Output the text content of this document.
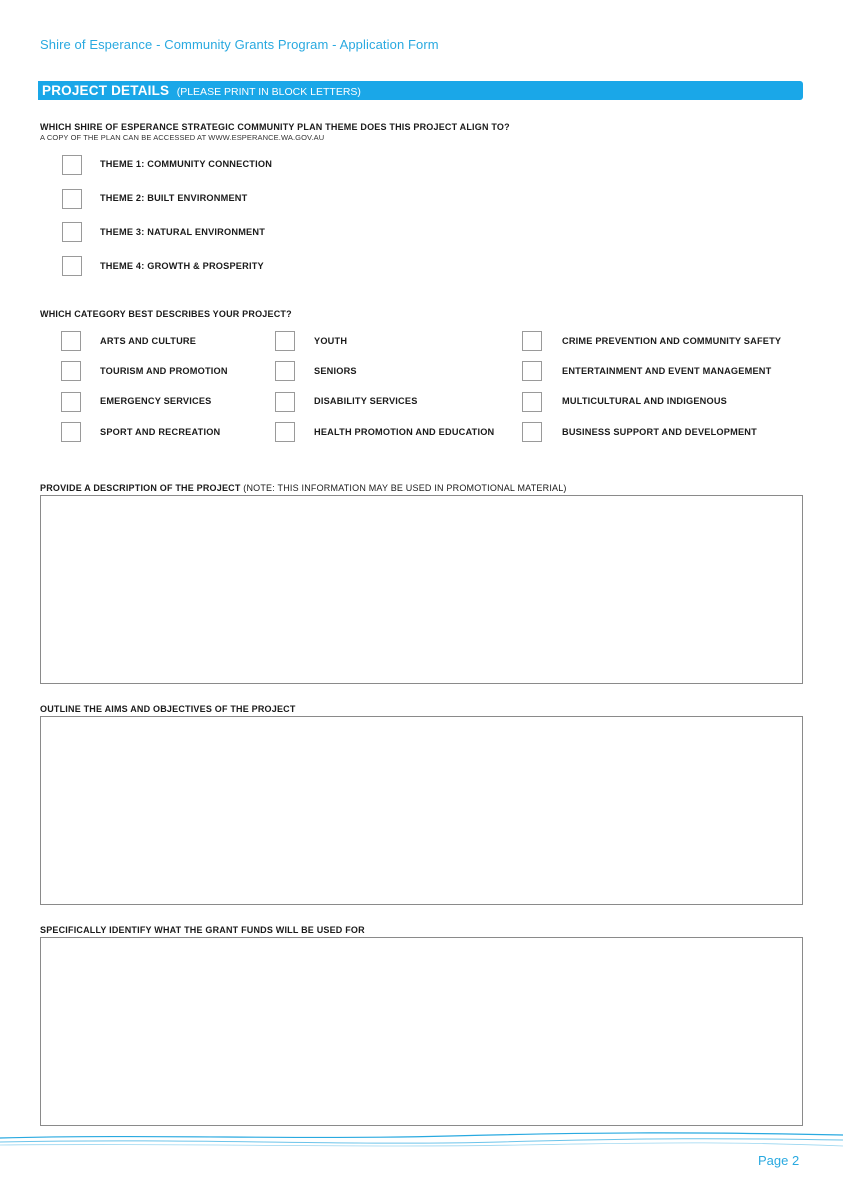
Shire of Esperance - Community Grants Program - Application Form
PROJECT DETAILS (PLEASE PRINT IN BLOCK LETTERS)
WHICH SHIRE OF ESPERANCE STRATEGIC COMMUNITY PLAN THEME DOES THIS PROJECT ALIGN TO?
A COPY OF THE PLAN CAN BE ACCESSED AT WWW.ESPERANCE.WA.GOV.AU
THEME 1: COMMUNITY CONNECTION
THEME 2: BUILT ENVIRONMENT
THEME 3: NATURAL ENVIRONMENT
THEME 4: GROWTH & PROSPERITY
WHICH CATEGORY BEST DESCRIBES YOUR PROJECT?
ARTS AND CULTURE
TOURISM AND PROMOTION
EMERGENCY SERVICES
SPORT AND RECREATION
YOUTH
SENIORS
DISABILITY SERVICES
HEALTH PROMOTION AND EDUCATION
CRIME PREVENTION AND COMMUNITY SAFETY
ENTERTAINMENT AND EVENT MANAGEMENT
MULTICULTURAL AND INDIGENOUS
BUSINESS SUPPORT AND DEVELOPMENT
PROVIDE A DESCRIPTION OF THE PROJECT (NOTE: THIS INFORMATION MAY BE USED IN PROMOTIONAL MATERIAL)
OUTLINE THE AIMS AND OBJECTIVES OF THE PROJECT
SPECIFICALLY IDENTIFY WHAT THE GRANT FUNDS WILL BE USED FOR
Page 2
